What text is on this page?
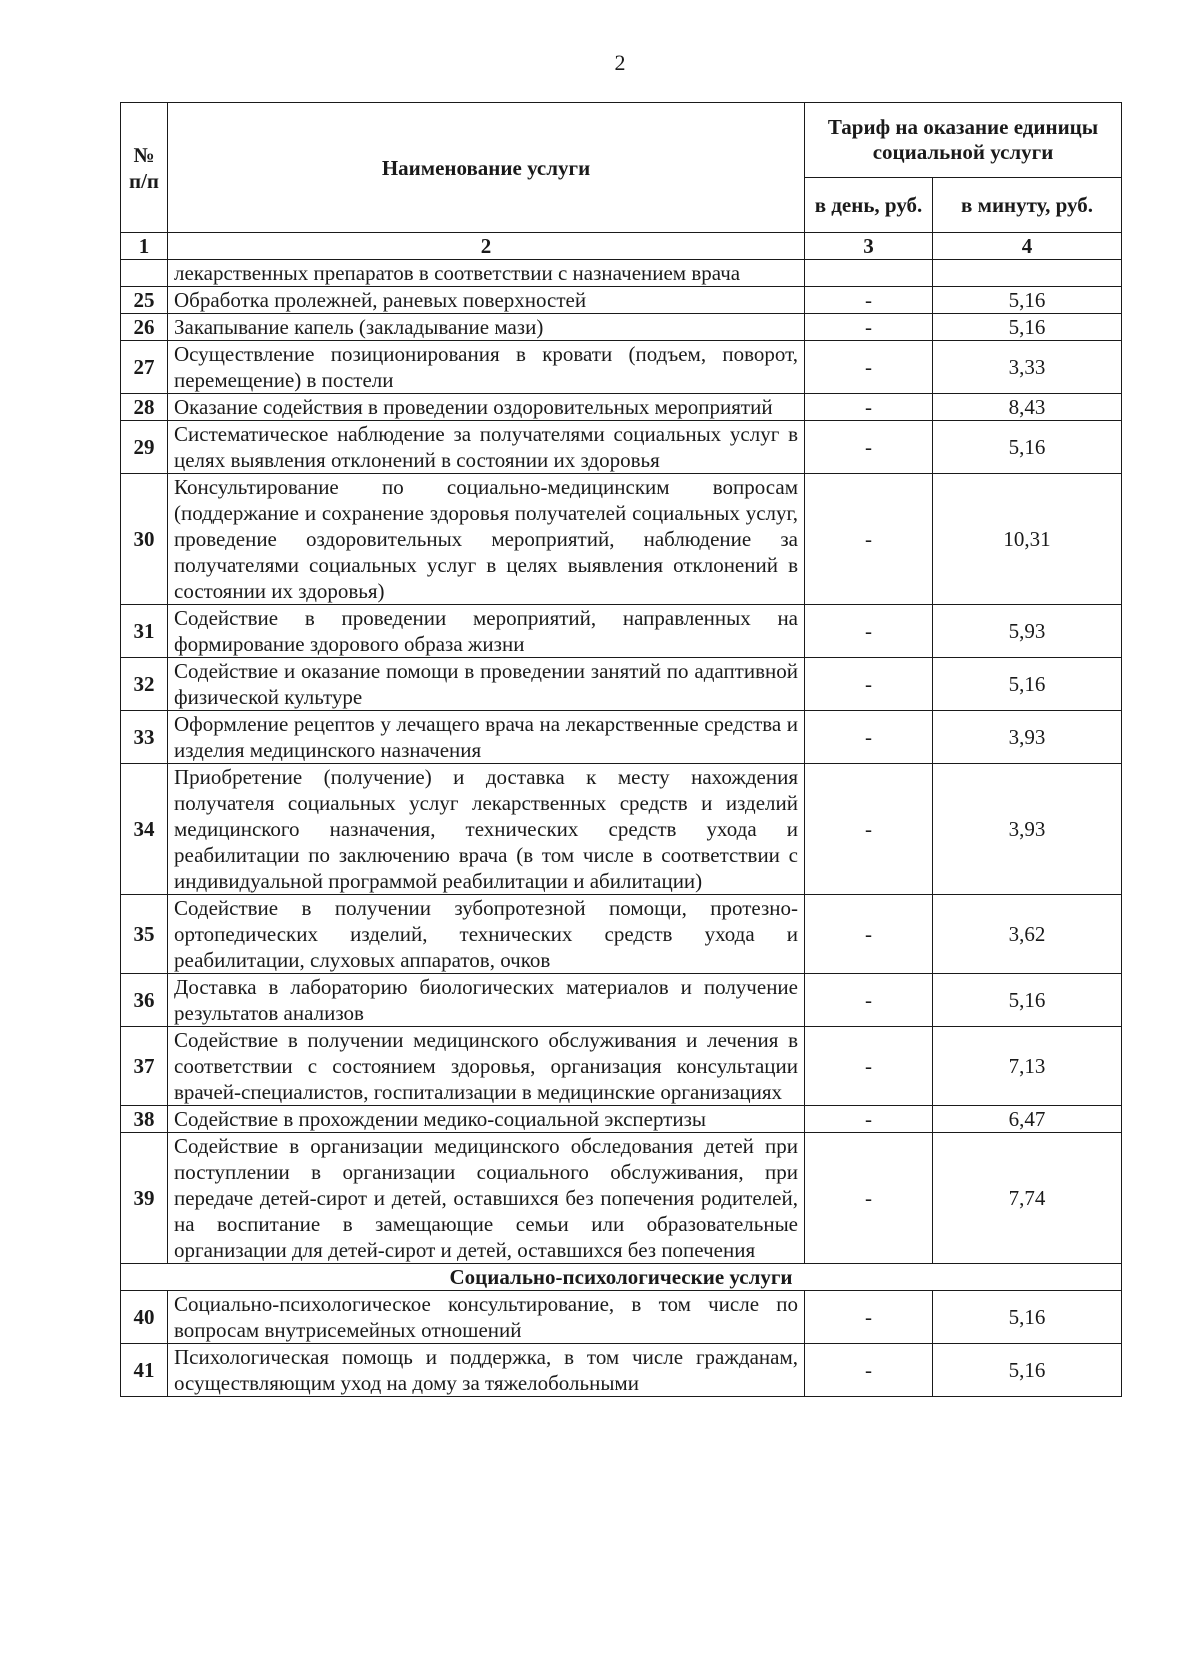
2
№ п/п	Наименование услуги	Тариф на оказание единицы социальной услуги	
		в день, руб.	в минуту, руб.
1	2	3	4
	лекарственных препаратов в соответствии с назначением врача		
25	Обработка пролежней, раневых поверхностей	-	5,16
26	Закапывание капель (закладывание мази)	-	5,16
27	Осуществление позиционирования в кровати (подъем, поворот, перемещение) в постели	-	3,33
28	Оказание содействия в проведении оздоровительных мероприятий	-	8,43
29	Систематическое наблюдение за получателями социальных услуг в целях выявления отклонений в состоянии их здоровья	-	5,16
30	Консультирование по социально-медицинским вопросам (поддержание и сохранение здоровья получателей социальных услуг, проведение оздоровительных мероприятий, наблюдение за получателями социальных услуг в целях выявления отклонений в состоянии их здоровья)	-	10,31
31	Содействие в проведении мероприятий, направленных на формирование здорового образа жизни	-	5,93
32	Содействие и оказание помощи в проведении занятий по адаптивной физической культуре	-	5,16
33	Оформление рецептов у лечащего врача на лекарственные средства и изделия медицинского назначения	-	3,93
34	Приобретение (получение) и доставка к месту нахождения получателя социальных услуг лекарственных средств и изделий медицинского назначения, технических средств ухода и реабилитации по заключению врача (в том числе в соответствии с индивидуальной программой реабилитации и абилитации)	-	3,93
35	Содействие в получении зубопротезной помощи, протезно-ортопедических изделий, технических средств ухода и реабилитации, слуховых аппаратов, очков	-	3,62
36	Доставка в лабораторию биологических материалов и получение результатов анализов	-	5,16
37	Содействие в получении медицинского обслуживания и лечения в соответствии с состоянием здоровья, организация консультации врачей-специалистов, госпитализации в медицинские организациях	-	7,13
38	Содействие в прохождении медико-социальной экспертизы	-	6,47
39	Содействие в организации медицинского обследования детей при поступлении в организации социального обслуживания, при передаче детей-сирот и детей, оставшихся без попечения родителей, на воспитание в замещающие семьи или образовательные организации для детей-сирот и детей, оставшихся без попечения	-	7,74
Социально-психологические услуги			
40	Социально-психологическое консультирование, в том числе по вопросам внутрисемейных отношений	-	5,16
41	Психологическая помощь и поддержка, в том числе гражданам, осуществляющим уход на дому за тяжелобольными	-	5,16
